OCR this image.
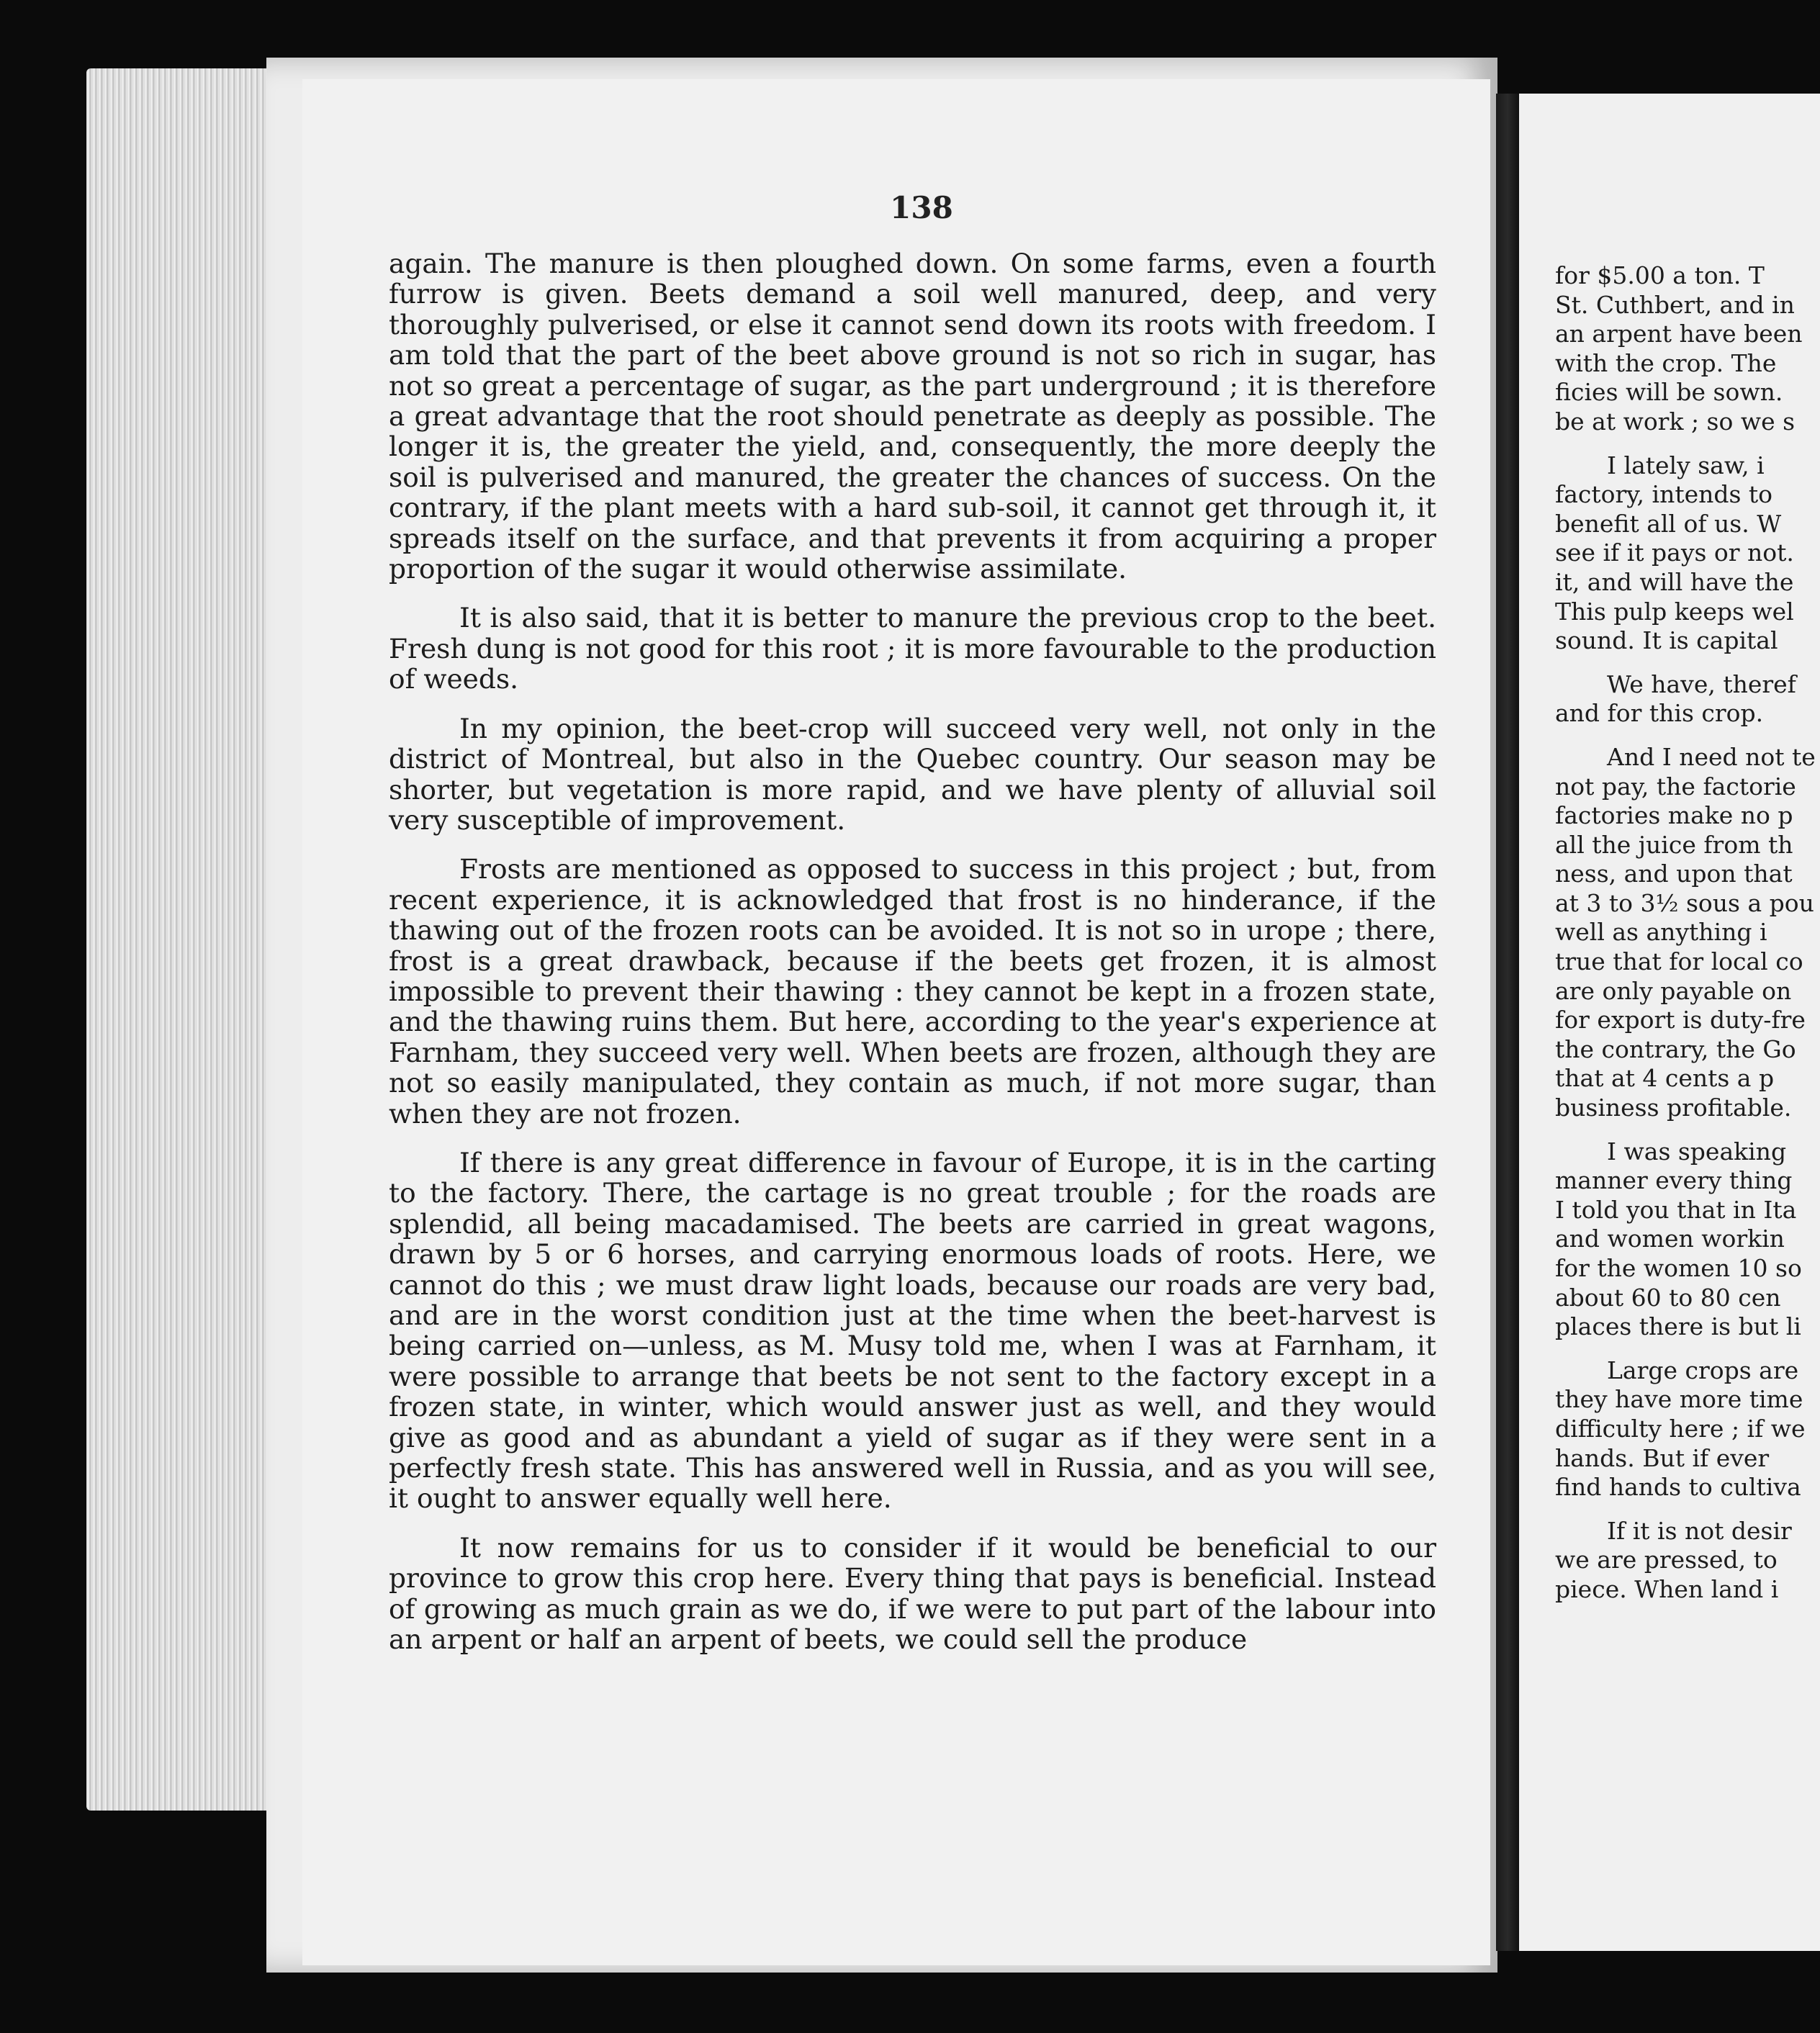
138

again. The manure is then ploughed down. On some farms, even a fourth furrow is given. Beets demand a soil well manured, deep, and very thoroughly pulverised, or else it cannot send down its roots with freedom. I am told that the part of the beet above ground is not so rich in sugar, has not so great a percentage of sugar, as the part underground ; it is therefore a great advantage that the root should penetrate as deeply as possible. The longer it is, the greater the yield, and, consequently, the more deeply the soil is pulverised and manured, the greater the chances of success. On the contrary, if the plant meets with a hard sub-soil, it cannot get through it, it spreads itself on the surface, and that prevents it from acquiring a proper proportion of the sugar it would otherwise assimilate.

It is also said, that it is better to manure the previous crop to the beet. Fresh dung is not good for this root ; it is more favourable to the production of weeds.

In my opinion, the beet-crop will succeed very well, not only in the district of Montreal, but also in the Quebec country. Our season may be shorter, but vegetation is more rapid, and we have plenty of alluvial soil very susceptible of improvement.

Frosts are mentioned as opposed to success in this project ; but, from recent experience, it is acknowledged that frost is no hinderance, if the thawing out of the frozen roots can be avoided. It is not so in urope ; there, frost is a great drawback, because if the beets get frozen, it is almost impossible to prevent their thawing : they cannot be kept in a frozen state, and the thawing ruins them. But here, according to the year's experience at Farnham, they succeed very well. When beets are frozen, although they are not so easily manipulated, they contain as much, if not more sugar, than when they are not frozen.

If there is any great difference in favour of Europe, it is in the carting to the factory. There, the cartage is no great trouble ; for the roads are splendid, all being macadamised. The beets are carried in great wagons, drawn by 5 or 6 horses, and carrying enormous loads of roots. Here, we cannot do this ; we must draw light loads, because our roads are very bad, and are in the worst condition just at the time when the beet-harvest is being carried on—unless, as M. Musy told me, when I was at Farnham, it were possible to arrange that beets be not sent to the factory except in a frozen state, in winter, which would answer just as well, and they would give as good and as abundant a yield of sugar as if they were sent in a perfectly fresh state. This has answered well in Russia, and as you will see, it ought to answer equally well here.

It now remains for us to consider if it would be beneficial to our province to grow this crop here. Every thing that pays is beneficial. Instead of growing as much grain as we do, if we were to put part of the labour into an arpent or half an arpent of beets, we could sell the produce

for $5.00 a ton. T
St. Cuthbert, and in
an arpent have been
with the crop. The
ficies will be sown.
be at work ; so we s
I lately saw, i
factory, intends to
benefit all of us. W
see if it pays or not.
it, and will have the
This pulp keeps wel
sound. It is capital
We have, theref
and for this crop.
And I need not te
not pay, the factorie
factories make no p
all the juice from th
ness, and upon that
at 3 to 3½ sous a pou
well as anything i
true that for local co
are only payable on
for export is duty-fre
the contrary, the Go
that at 4 cents a p
business profitable.
I was speaking
manner every thing
I told you that in Ita
and women workin
for the women 10 so
about 60 to 80 cen
places there is but li
Large crops are
they have more time
difficulty here ; if we
hands. But if ever
find hands to cultiva
If it is not desir
we are pressed, to
piece. When land i
